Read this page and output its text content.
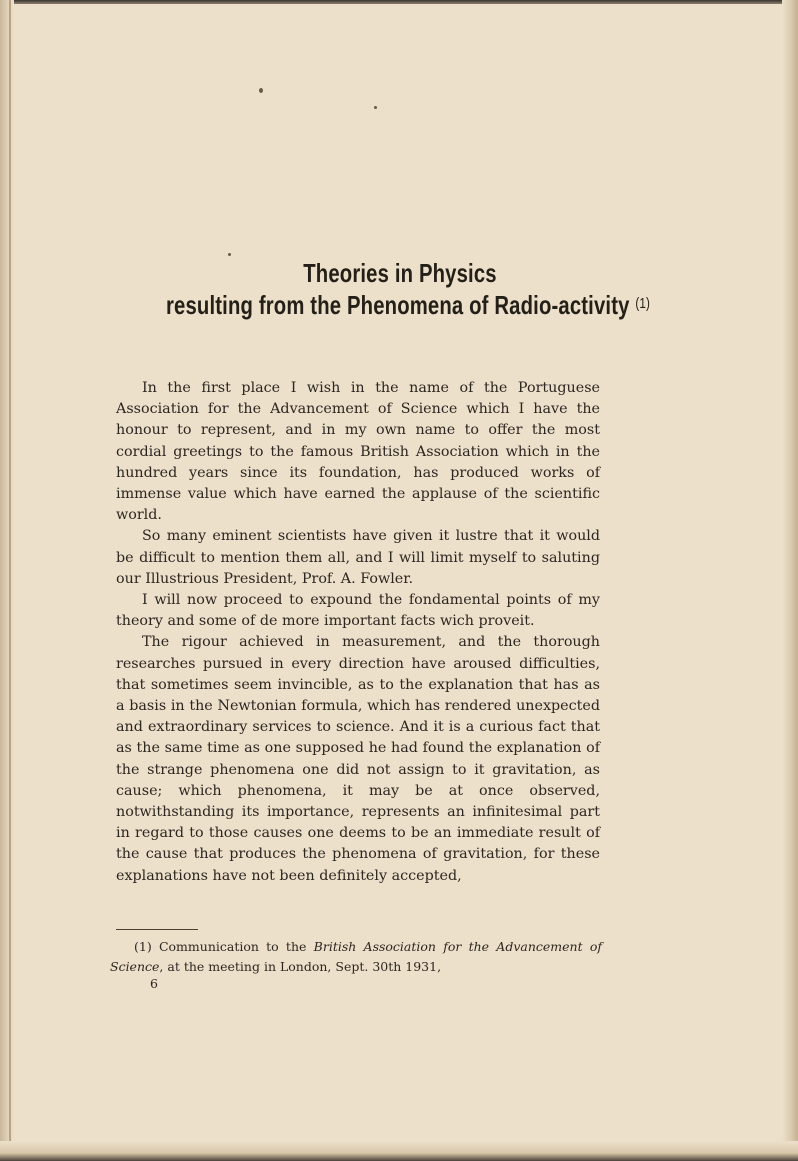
Theories in Physics
resulting from the Phenomena of Radio-activity $^{(1)}$

In the first place I wish in the name of the Portuguese Association for the Advancement of Science which I have the honour to represent, and in my own name to offer the most cordial greetings to the famous British Association which in the hundred years since its foundation, has produced works of immense value which have earned the applause of the scientific world.

So many eminent scientists have given it lustre that it would be difficult to mention them all, and I will limit myself to saluting our Illustrious President, Prof. A. Fowler.

I will now proceed to expound the fondamental points of my theory and some of de more important facts wich proveit.

The rigour achieved in measurement, and the thorough researches pursued in every direction have aroused difficulties, that sometimes seem invincible, as to the explanation that has as a basis in the Newtonian formula, which has rendered unexpected and extraordinary services to science. And it is a curious fact that as the same time as one supposed he had found the explanation of the strange phenomena one did not assign to it gravitation, as cause; which phenomena, it may be at once observed, notwithstanding its importance, represents an infinitesimal part in regard to those causes one deems to be an immediate result of the cause that produces the phenomena of gravitation, for these explanations have not been definitely accepted,

(1) Communication to the British Association for the Advancement of Science, at the meeting in London, Sept. 30th 1931,
6
